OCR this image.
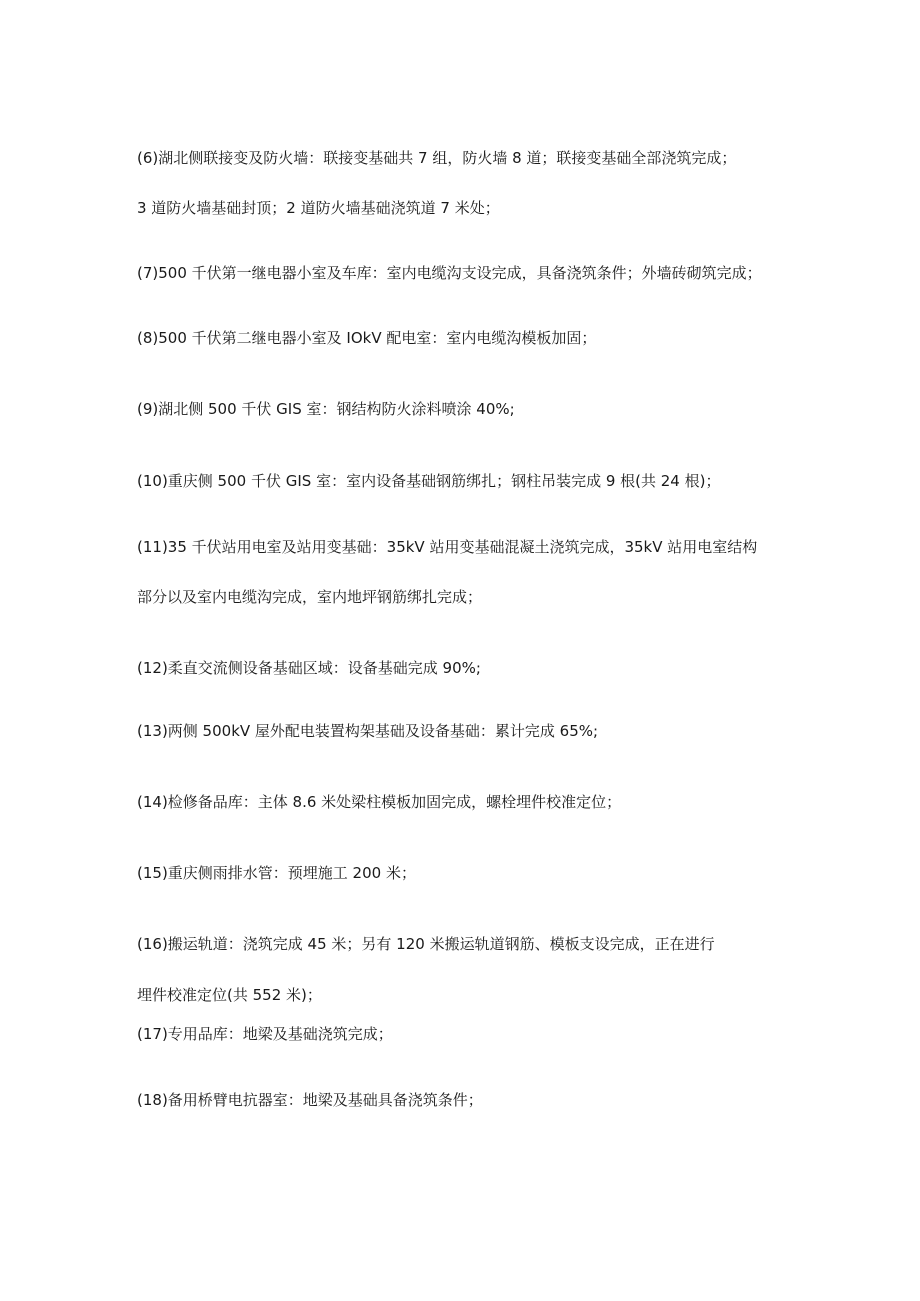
(6)湖北侧联接变及防火墙：联接变基础共 7 组，防火墙 8 道；联接变基础全部浇筑完成；
3 道防火墙基础封顶；2 道防火墙基础浇筑道 7 米处；
(7)500 千伏第一继电器小室及车库：室内电缆沟支设完成，具备浇筑条件；外墙砖砌筑完成；
(8)500 千伏第二继电器小室及 IOkV 配电室：室内电缆沟模板加固；
(9)湖北侧 500 千伏 GIS 室：钢结构防火涂料喷涂 40%;
(10)重庆侧 500 千伏 GIS 室：室内设备基础钢筋绑扎；钢柱吊装完成 9 根(共 24 根)；
(11)35 千伏站用电室及站用变基础：35kV 站用变基础混凝土浇筑完成，35kV 站用电室结构
部分以及室内电缆沟完成，室内地坪钢筋绑扎完成；
(12)柔直交流侧设备基础区域：设备基础完成 90%;
(13)两侧 500kV 屋外配电装置构架基础及设备基础：累计完成 65%;
(14)检修备品库：主体 8.6 米处梁柱模板加固完成，螺栓埋件校准定位；
(15)重庆侧雨排水管：预埋施工 200 米；
(16)搬运轨道：浇筑完成 45 米；另有 120 米搬运轨道钢筋、模板支设完成，正在进行
埋件校准定位(共 552 米)；
(17)专用品库：地梁及基础浇筑完成；
(18)备用桥臂电抗器室：地梁及基础具备浇筑条件；
